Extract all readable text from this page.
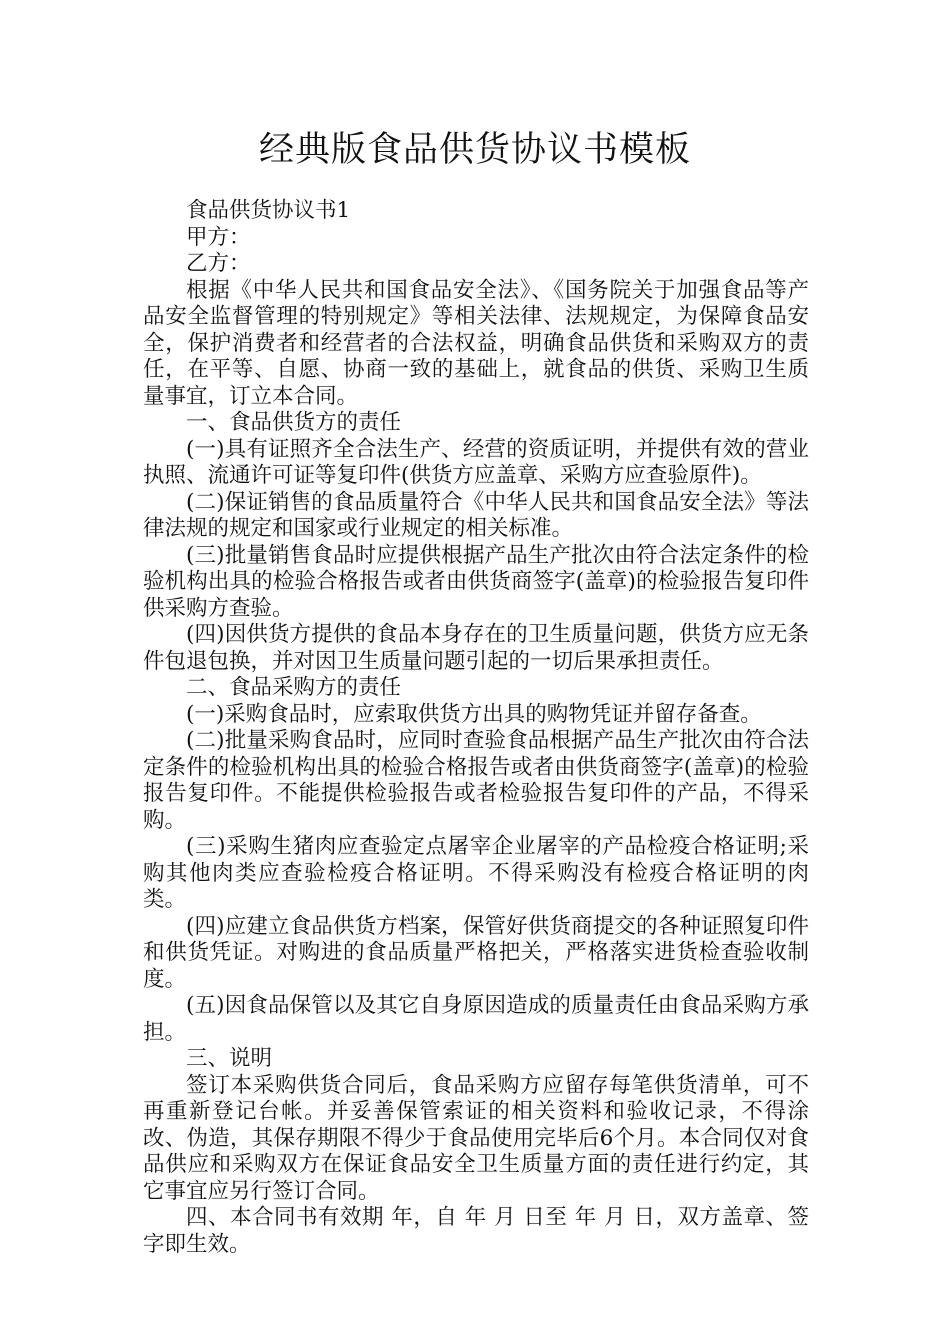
经典版食品供货协议书模板

食品供货协议书1

甲方：

乙方：

根据《中华人民共和国食品安全法》、《国务院关于加强食品等产品安全监督管理的特别规定》等相关法律、法规规定，为保障食品安全，保护消费者和经营者的合法权益，明确食品供货和采购双方的责任，在平等、自愿、协商一致的基础上，就食品的供货、采购卫生质量事宜，订立本合同。

一、食品供货方的责任

(一)具有证照齐全合法生产、经营的资质证明，并提供有效的营业执照、流通许可证等复印件(供货方应盖章、采购方应查验原件)。

(二)保证销售的食品质量符合《中华人民共和国食品安全法》等法律法规的规定和国家或行业规定的相关标准。

(三)批量销售食品时应提供根据产品生产批次由符合法定条件的检验机构出具的检验合格报告或者由供货商签字(盖章)的检验报告复印件供采购方查验。

(四)因供货方提供的食品本身存在的卫生质量问题，供货方应无条件包退包换，并对因卫生质量问题引起的一切后果承担责任。

二、食品采购方的责任

(一)采购食品时，应索取供货方出具的购物凭证并留存备查。

(二)批量采购食品时，应同时查验食品根据产品生产批次由符合法定条件的检验机构出具的检验合格报告或者由供货商签字(盖章)的检验报告复印件。不能提供检验报告或者检验报告复印件的产品，不得采购。

(三)采购生猪肉应查验定点屠宰企业屠宰的产品检疫合格证明;采购其他肉类应查验检疫合格证明。不得采购没有检疫合格证明的肉类。

(四)应建立食品供货方档案，保管好供货商提交的各种证照复印件和供货凭证。对购进的食品质量严格把关，严格落实进货检查验收制度。

(五)因食品保管以及其它自身原因造成的质量责任由食品采购方承担。

三、说明

签订本采购供货合同后，食品采购方应留存每笔供货清单，可不再重新登记台帐。并妥善保管索证的相关资料和验收记录，不得涂改、伪造，其保存期限不得少于食品使用完毕后6个月。本合同仅对食品供应和采购双方在保证食品安全卫生质量方面的责任进行约定，其它事宜应另行签订合同。

四、本合同书有效期 年，自 年 月 日至 年 月 日，双方盖章、签字即生效。
